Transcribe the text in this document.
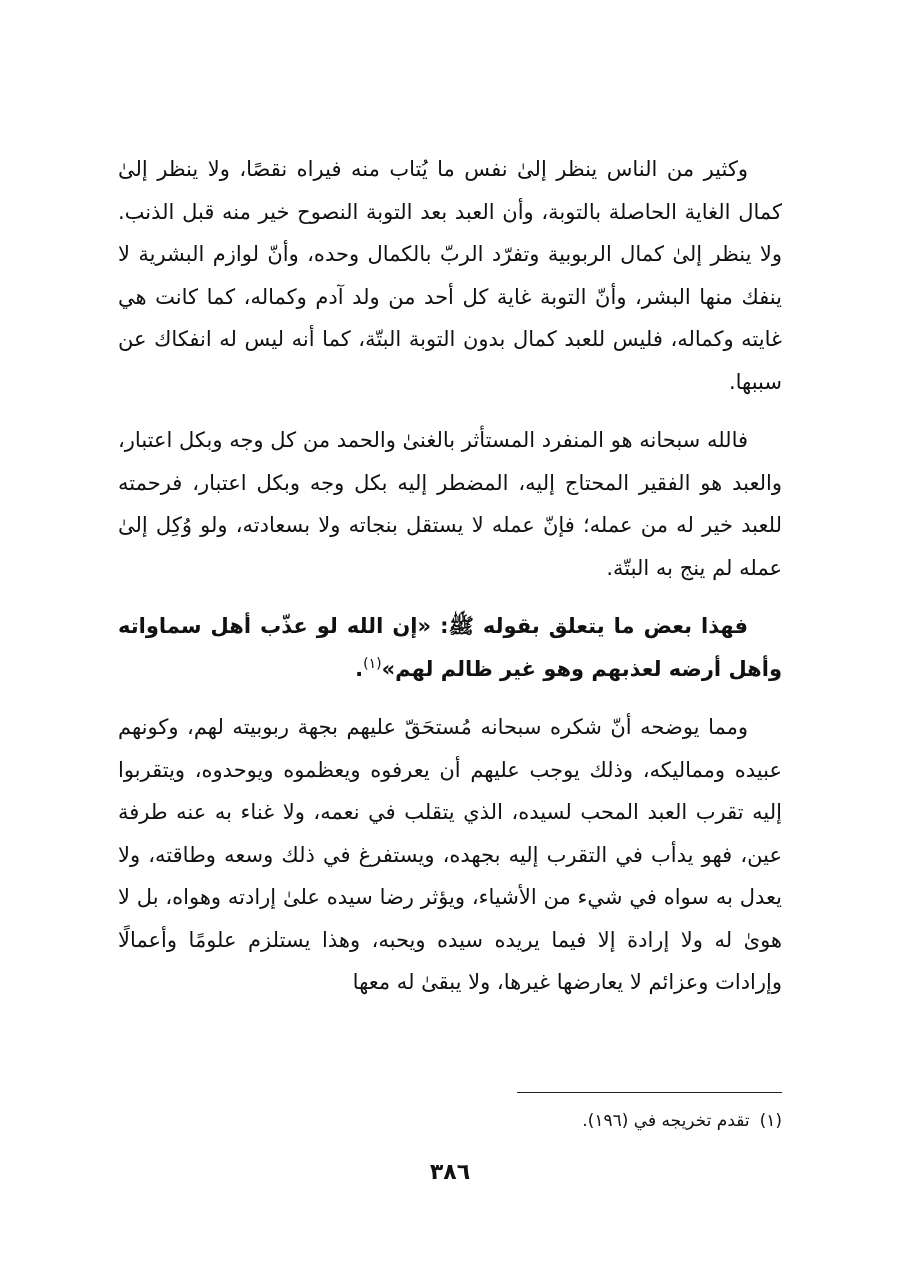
وكثير من الناس ينظر إلىٰ نفس ما يُتاب منه فيراه نقصًا، ولا ينظر إلىٰ كمال الغاية الحاصلة بالتوبة، وأن العبد بعد التوبة النصوح خير منه قبل الذنب. ولا ينظر إلىٰ كمال الربوبية وتفرّد الربّ بالكمال وحده، وأنّ لوازم البشرية لا ينفك منها البشر، وأنّ التوبة غاية كل أحد من ولد آدم وكماله، كما كانت هي غايته وكماله، فليس للعبد كمال بدون التوبة البتّة، كما أنه ليس له انفكاك عن سببها.

فالله سبحانه هو المنفرد المستأثر بالغنىٰ والحمد من كل وجه وبكل اعتبار، والعبد هو الفقير المحتاج إليه، المضطر إليه بكل وجه وبكل اعتبار، فرحمته للعبد خير له من عمله؛ فإنّ عمله لا يستقل بنجاته ولا بسعادته، ولو وُكِل إلىٰ عمله لم ينج به البتّة.

فهذا بعض ما يتعلق بقوله ﷺ: «إن الله لو عذّب أهل سماواته وأهل أرضه لعذبهم وهو غير ظالم لهم»$^{(١)}$.

ومما يوضحه أنّ شكره سبحانه مُستحَقّ عليهم بجهة ربوبيته لهم، وكونهم عبيده ومماليكه، وذلك يوجب عليهم أن يعرفوه ويعظموه ويوحدوه، ويتقربوا إليه تقرب العبد المحب لسيده، الذي يتقلب في نعمه، ولا غناء به عنه طرفة عين، فهو يدأب في التقرب إليه بجهده، ويستفرغ في ذلك وسعه وطاقته، ولا يعدل به سواه في شيء من الأشياء، ويؤثر رضا سيده علىٰ إرادته وهواه، بل لا هوىٰ له ولا إرادة إلا فيما يريده سيده ويحبه، وهذا يستلزم علومًا وأعمالًا وإرادات وعزائم لا يعارضها غيرها، ولا يبقىٰ له معها

(١)تقدم تخريجه في (١٩٦).
٣٨٦
